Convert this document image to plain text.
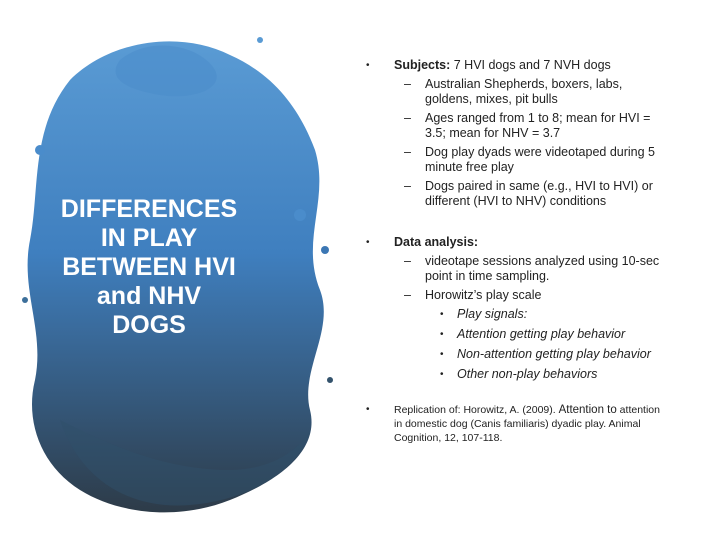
DIFFERENCES
IN PLAY
BETWEEN HVI
and NHV
DOGS
• Subjects: 7 HVI dogs and 7 NVH dogs
– Australian Shepherds, boxers, labs, goldens, mixes, pit bulls
– Ages ranged from 1 to 8; mean for HVI = 3.5; mean for NHV = 3.7
– Dog play dyads were videotaped during 5 minute free play
– Dogs paired in same (e.g., HVI to HVI) or different (HVI to NHV) conditions
• Data analysis:
– videotape sessions analyzed using 10-sec point in time sampling.
– Horowitz’s play scale
• Play signals:
• Attention getting play behavior
• Non-attention getting play behavior
• Other non-play behaviors
• Replication of: Horowitz, A. (2009). Attention to attention in domestic dog (Canis familiaris) dyadic play. Animal Cognition, 12, 107-118.
